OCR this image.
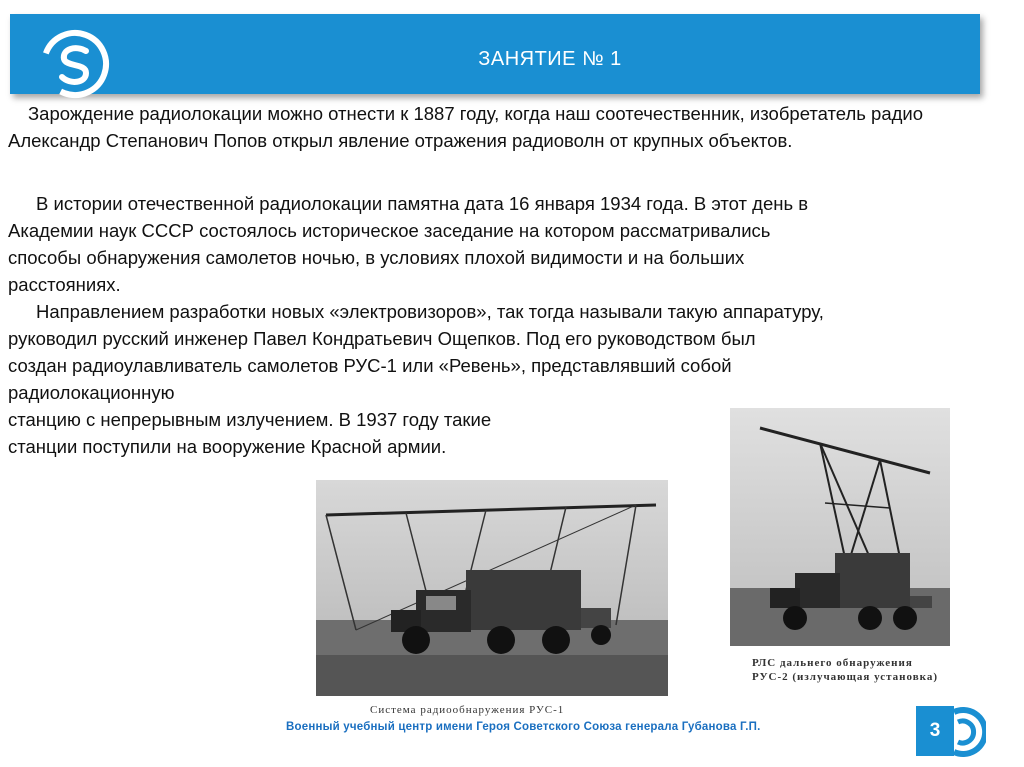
ЗАНЯТИЕ № 1
Зарождение радиолокации можно отнести к 1887 году, когда наш соотечественник, изобретатель радио Александр Степанович Попов открыл явление отражения радиоволн от крупных объектов.
В истории отечественной радиолокации памятна дата 16 января 1934 года. В этот день в
Академии наук СССР состоялось историческое заседание на котором рассматривались
способы обнаружения самолетов ночью, в условиях плохой видимости и на больших
расстояниях.
Направлением разработки новых «электровизоров», так тогда называли такую аппаратуру,
руководил русский инженер Павел Кондратьевич Ощепков. Под его руководством был
создан радиоулавливатель самолетов РУС-1 или «Ревень», представлявший собой
радиолокационную
станцию с непрерывным излучением. В 1937 году такие
станции поступили на вооружение Красной армии.
Система радиообнаружения РУС-1
РЛС дальнего обнаружения
РУС-2 (излучающая установка)
Военный учебный центр имени Героя Советского Союза генерала Губанова Г.П.	3
